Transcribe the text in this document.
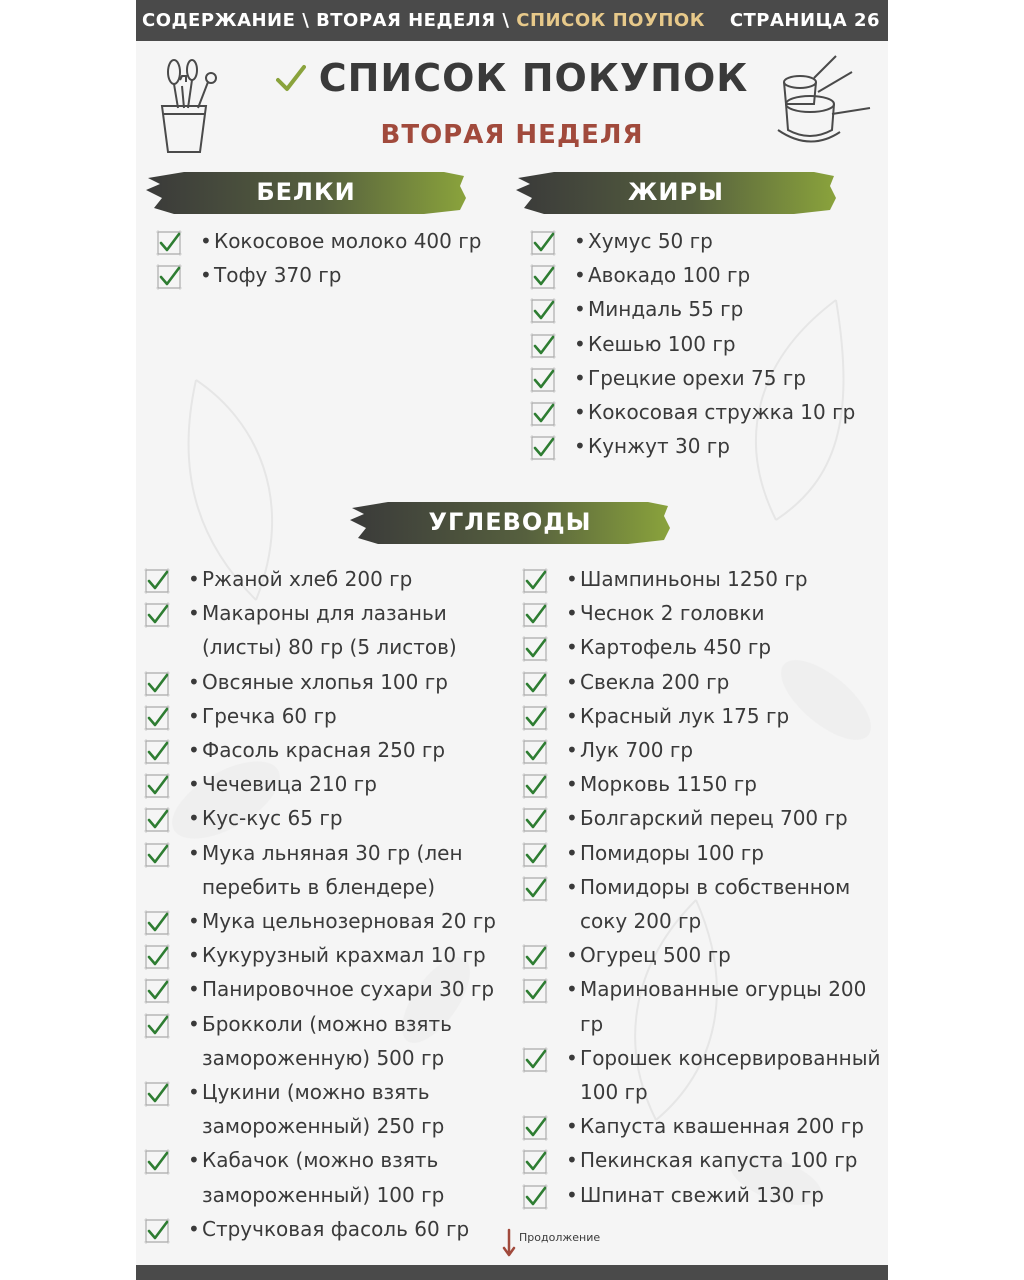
СОДЕРЖАНИЕ \ ВТОРАЯ НЕДЕЛЯ \ СПИСОК ПОУПОК СТРАНИЦА 26
СПИСОК ПОКУПОК
ВТОРАЯ НЕДЕЛЯ
БЕЛКИ	ЖИРЫ
УГЛЕВОДЫ
• Кокосовое молоко 400 гр
• Тофу 370 гр
• Хумус 50 гр
• Авокадо 100 гр
• Миндаль 55 гр
• Кешью 100 гр
• Грецкие орехи 75 гр
• Кокосовая стружка 10 гр
• Кунжут 30 гр
• Ржаной хлеб 200 гр
• Макароны для лазаньи (листы) 80 гр (5 листов)
• Овсяные хлопья 100 гр
• Гречка 60 гр
• Фасоль красная 250 гр
• Чечевица 210 гр
• Кус-кус 65 гр
• Мука льняная 30 гр (лен перебить в блендере)
• Мука цельнозерновая 20 гр
• Кукурузный крахмал 10 гр
• Панировочное сухари 30 гр
• Брокколи (можно взять замороженную) 500 гр
• Цукини (можно взять замороженный) 250 гр
• Кабачок (можно взять замороженный) 100 гр
• Стручковая фасоль 60 гр
• Шампиньоны 1250 гр
• Чеснок 2 головки
• Картофель 450 гр
• Свекла 200 гр
• Красный лук 175 гр
• Лук 700 гр
• Морковь 1150 гр
• Болгарский перец 700 гр
• Помидоры 100 гр
• Помидоры в собственном соку 200 гр
• Огурец 500 гр
• Маринованные огурцы 200 гр
• Горошек консервированный 100 гр
• Капуста квашенная 200 гр
• Пекинская капуста 100 гр
• Шпинат свежий 130 гр
Продолжение
